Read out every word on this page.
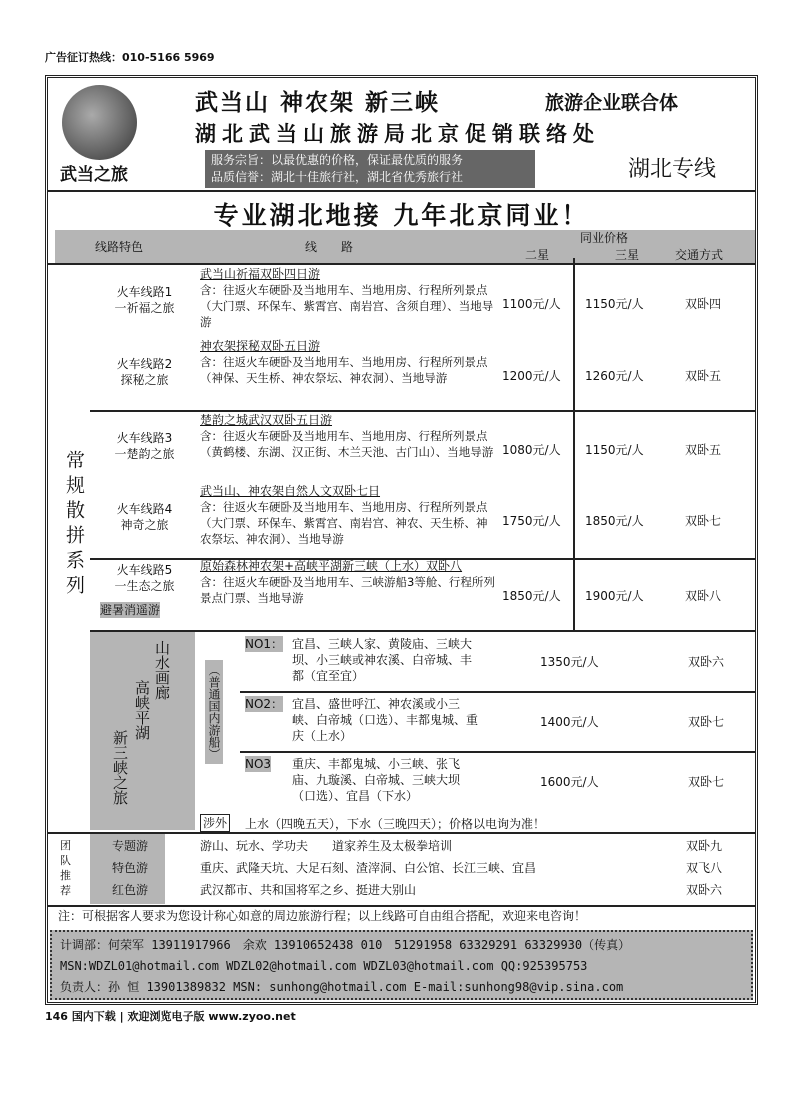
广告征订热线：010-5166 5969
武当之旅
武当山 神农架 新三峡	旅游企业联合体
湖北武当山旅游局北京促销联络处
服务宗旨：以最优惠的价格，保证最优质的服务
品质信誉：湖北十佳旅行社，湖北省优秀旅行社	湖北专线
专业湖北地接 九年北京同业！
线路特色	线　　路
同业价格
二星	三星	交通方式
常规散拼系列
火车线路1
一祈福之旅
武当山祈福双卧四日游
含：往返火车硬卧及当地用车、当地用房、行程所列景点（大门票、环保车、紫霄宫、南岩宫、含须自理）、当地导游
1100元/人 1150元/人	双卧四
火车线路2
探秘之旅
神农架探秘双卧五日游
含：往返火车硬卧及当地用车、当地用房、行程所列景点（神保、天生桥、神农祭坛、神农洞）、当地导游	1200元/人 1260元/人	双卧五
火车线路3
一楚韵之旅
楚韵之城武汉双卧五日游
含：往返火车硬卧及当地用车、当地用房、行程所列景点（黄鹤楼、东湖、汉正街、木兰天池、古门山）、当地导游 1080元/人 1150元/人	双卧五
火车线路4
神奇之旅
武当山、神农架自然人文双卧七日
含：往返火车硬卧及当地用车、当地用房、行程所列景点（大门票、环保车、紫霄宫、南岩宫、神农、天生桥、神农祭坛、神农洞）、当地导游
1750元/人 1850元/人	双卧七
火车线路5
一生态之旅
避暑消遥游
原始森林神农架+高峡平湖新三峡（上水）双卧八
含：往返火车硬卧及当地用车、三峡游船3等舱、行程所列景点门票、当地导游	1850元/人 1900元/人	双卧八
山水画廊
高峡平湖
新三峡之旅
（普通国内游船）
NO1： 宜昌、三峡人家、黄陵庙、三峡大坝、小三峡或神农溪、白帝城、丰都（宜至宜）
1350元/人	双卧六
NO2： 宜昌、盛世呼江、神农溪或小三峡、白帝城（口选）、丰都鬼城、重庆（上水）
1400元/人	双卧七
NO3 重庆、丰都鬼城、小三峡、张飞庙、九璇溪、白帝城、三峡大坝（口选）、宜昌（下水）
1600元/人	双卧七
涉外 上水（四晚五天），下水（三晚四天）；价格以电询为准！
团队推荐
专题游	游山、玩水、学功夫　　道家养生及太极拳培训	双卧九
特色游	重庆、武隆天坑、大足石刻、渣滓洞、白公馆、长江三峡、宜昌	双飞八
红色游	武汉都市、共和国将军之乡、挺进大别山	双卧六
注：可根据客人要求为您设计称心如意的周边旅游行程；以上线路可自由组合搭配，欢迎来电咨询！
计调部：何荣军 13911917966　余欢 13910652438 010　51291958 63329291 63329930（传真）
MSN:WDZL01@hotmail.com WDZL02@hotmail.com WDZL03@hotmail.com QQ:925395753
负责人：孙 恒 13901389832 MSN: sunhong@hotmail.com E-mail:sunhong98@vip.sina.com
146 国内下载 | 欢迎浏览电子版 www.zyoo.net
